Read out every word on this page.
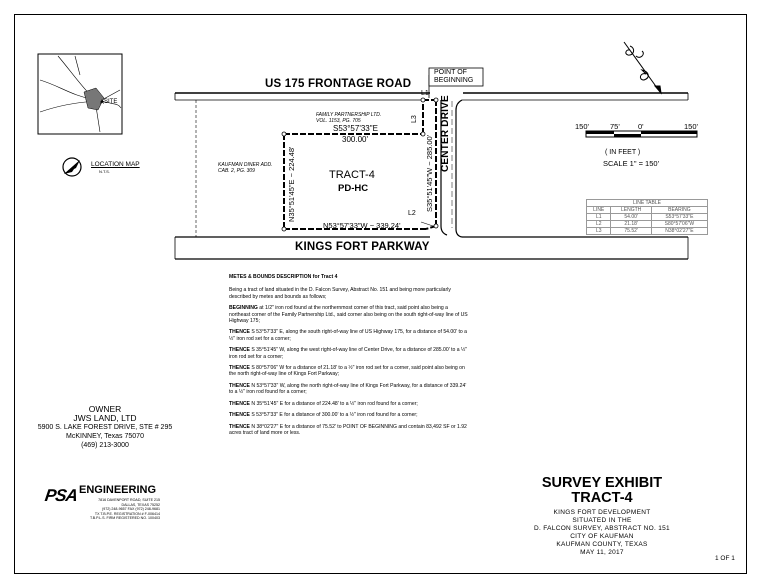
SITE
LOCATION MAP
N.T.S.
US 175 FRONTAGE ROAD
KINGS FORT PARKWAY
CENTER DRIVE
POINT OF
BEGINNING
TRACT-4
PD-HC
FAMILY PARTNERSHIP LTD.
VOL. 1153, PG. 705
KAUFMAN DINER ADD.
CAB. 2, PG. 309
S53°57'33"E
300.00'
N53°57'33"W ~ 339.24'
N35°51'45"E ~ 224.48'	S35°51'45"W ~ 285.00'
L1
L2
L3
150'	75' 0'	150'
( IN FEET )
SCALE 1" = 150'
LINE TABLE		
LINE	LENGTH	BEARING
L1	54.00'	S53°57'33"E
L2	21.18'	S80°57'06"W
L3	75.52'	N38°02'27"E

METES & BOUNDS DESCRIPTION for Tract 4

Being a tract of land situated in the D. Falcon Survey, Abstract No. 151 and being more particularly described by metes and bounds as follows;

BEGINNING at 1/2" iron rod found at the northernmost corner of this tract, said point also being a northeast corner of the Family Partnership Ltd., said corner also being on the south right-of-way line of US Highway 175;

THENCE S 53°57'33" E, along the south right-of-way line of US Highway 175, for a distance of 54.00' to a ½" iron rod set for a corner;

THENCE S 35°51'45" W, along the west right-of-way line of Center Drive, for a distance of 285.00' to a ½" iron rod set for a corner;

THENCE S 80°57'06" W for a distance of 21.18' to a ½" iron rod set for a corner, said point also being on the north right-of-way line of Kings Fort Parkway;

THENCE N 53°57'33" W, along the north right-of-way line of Kings Fort Parkway, for a distance of 339.24' to a ½" iron rod found for a corner;

THENCE N 35°51'45" E for a distance of 224.48' to a ½" iron rod found for a corner;

THENCE S 53°57'33" E for a distance of 300.00' to a ½" iron rod found for a corner;

THENCE N 38°02'27" E for a distance of 75.52' to POINT OF BEGINNING and contain 83,492 SF or 1.92 acres tract of land more or less.

OWNER
JWS LAND, LTD
5900 S. LAKE FOREST DRIVE, STE # 295
McKINNEY, Texas 75070
(469) 213-3000
PSA ENGINEERING
7816 DAVENPORT ROAD, SUITE 215
DALLAS, TEXAS 75252
(972) 248-9657 FAX (972) 248-9681
TX T.B.P.E. REGISTRATION # F-006414
T.B.P.L.S. FIRM REGISTERED NO. 100403
SURVEY EXHIBIT
TRACT-4
KINGS FORT DEVELOPMENT
SITUATED IN THE
D. FALCON SURVEY, ABSTRACT NO. 151
CITY OF KAUFMAN
KAUFMAN COUNTY, TEXAS
MAY 11, 2017
1 OF 1
